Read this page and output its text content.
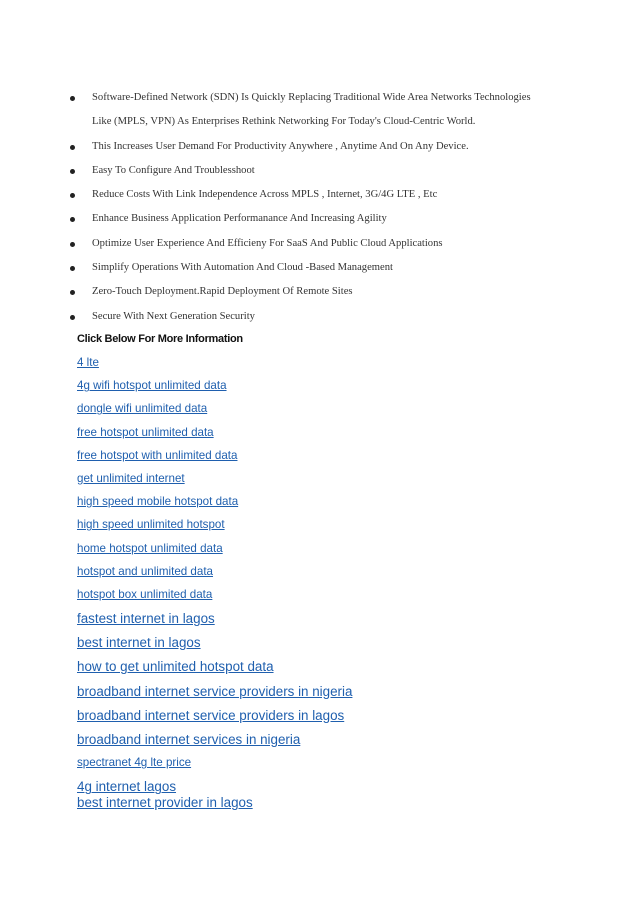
Software-Defined Network (SDN) Is Quickly Replacing Traditional Wide Area Networks Technologies
Like (MPLS, VPN) As Enterprises Rethink Networking For Today's Cloud-Centric World.
This Increases User Demand For Productivity Anywhere , Anytime And On Any Device.
Easy To Configure And Troublesshoot
Reduce Costs With Link Independence Across MPLS , Internet, 3G/4G LTE , Etc
Enhance Business Application Performanance And Increasing Agility
Optimize User Experience And Efficieny For SaaS And Public Cloud Applications
Simplify Operations With Automation And Cloud -Based Management
Zero-Touch Deployment.Rapid Deployment Of Remote Sites
Secure With Next Generation Security
Click Below For More Information
4 lte
4g wifi hotspot unlimited data
dongle wifi unlimited data
free hotspot unlimited data
free hotspot with unlimited data
get unlimited internet
high speed mobile hotspot data
high speed unlimited hotspot
home hotspot unlimited data
hotspot and unlimited data
hotspot box unlimited data
fastest internet in lagos
best internet in lagos
how to get unlimited hotspot data
broadband internet service providers in nigeria
broadband internet service providers in lagos
broadband internet services in nigeria
spectranet 4g lte price
4g internet lagos
best internet provider in lagos
